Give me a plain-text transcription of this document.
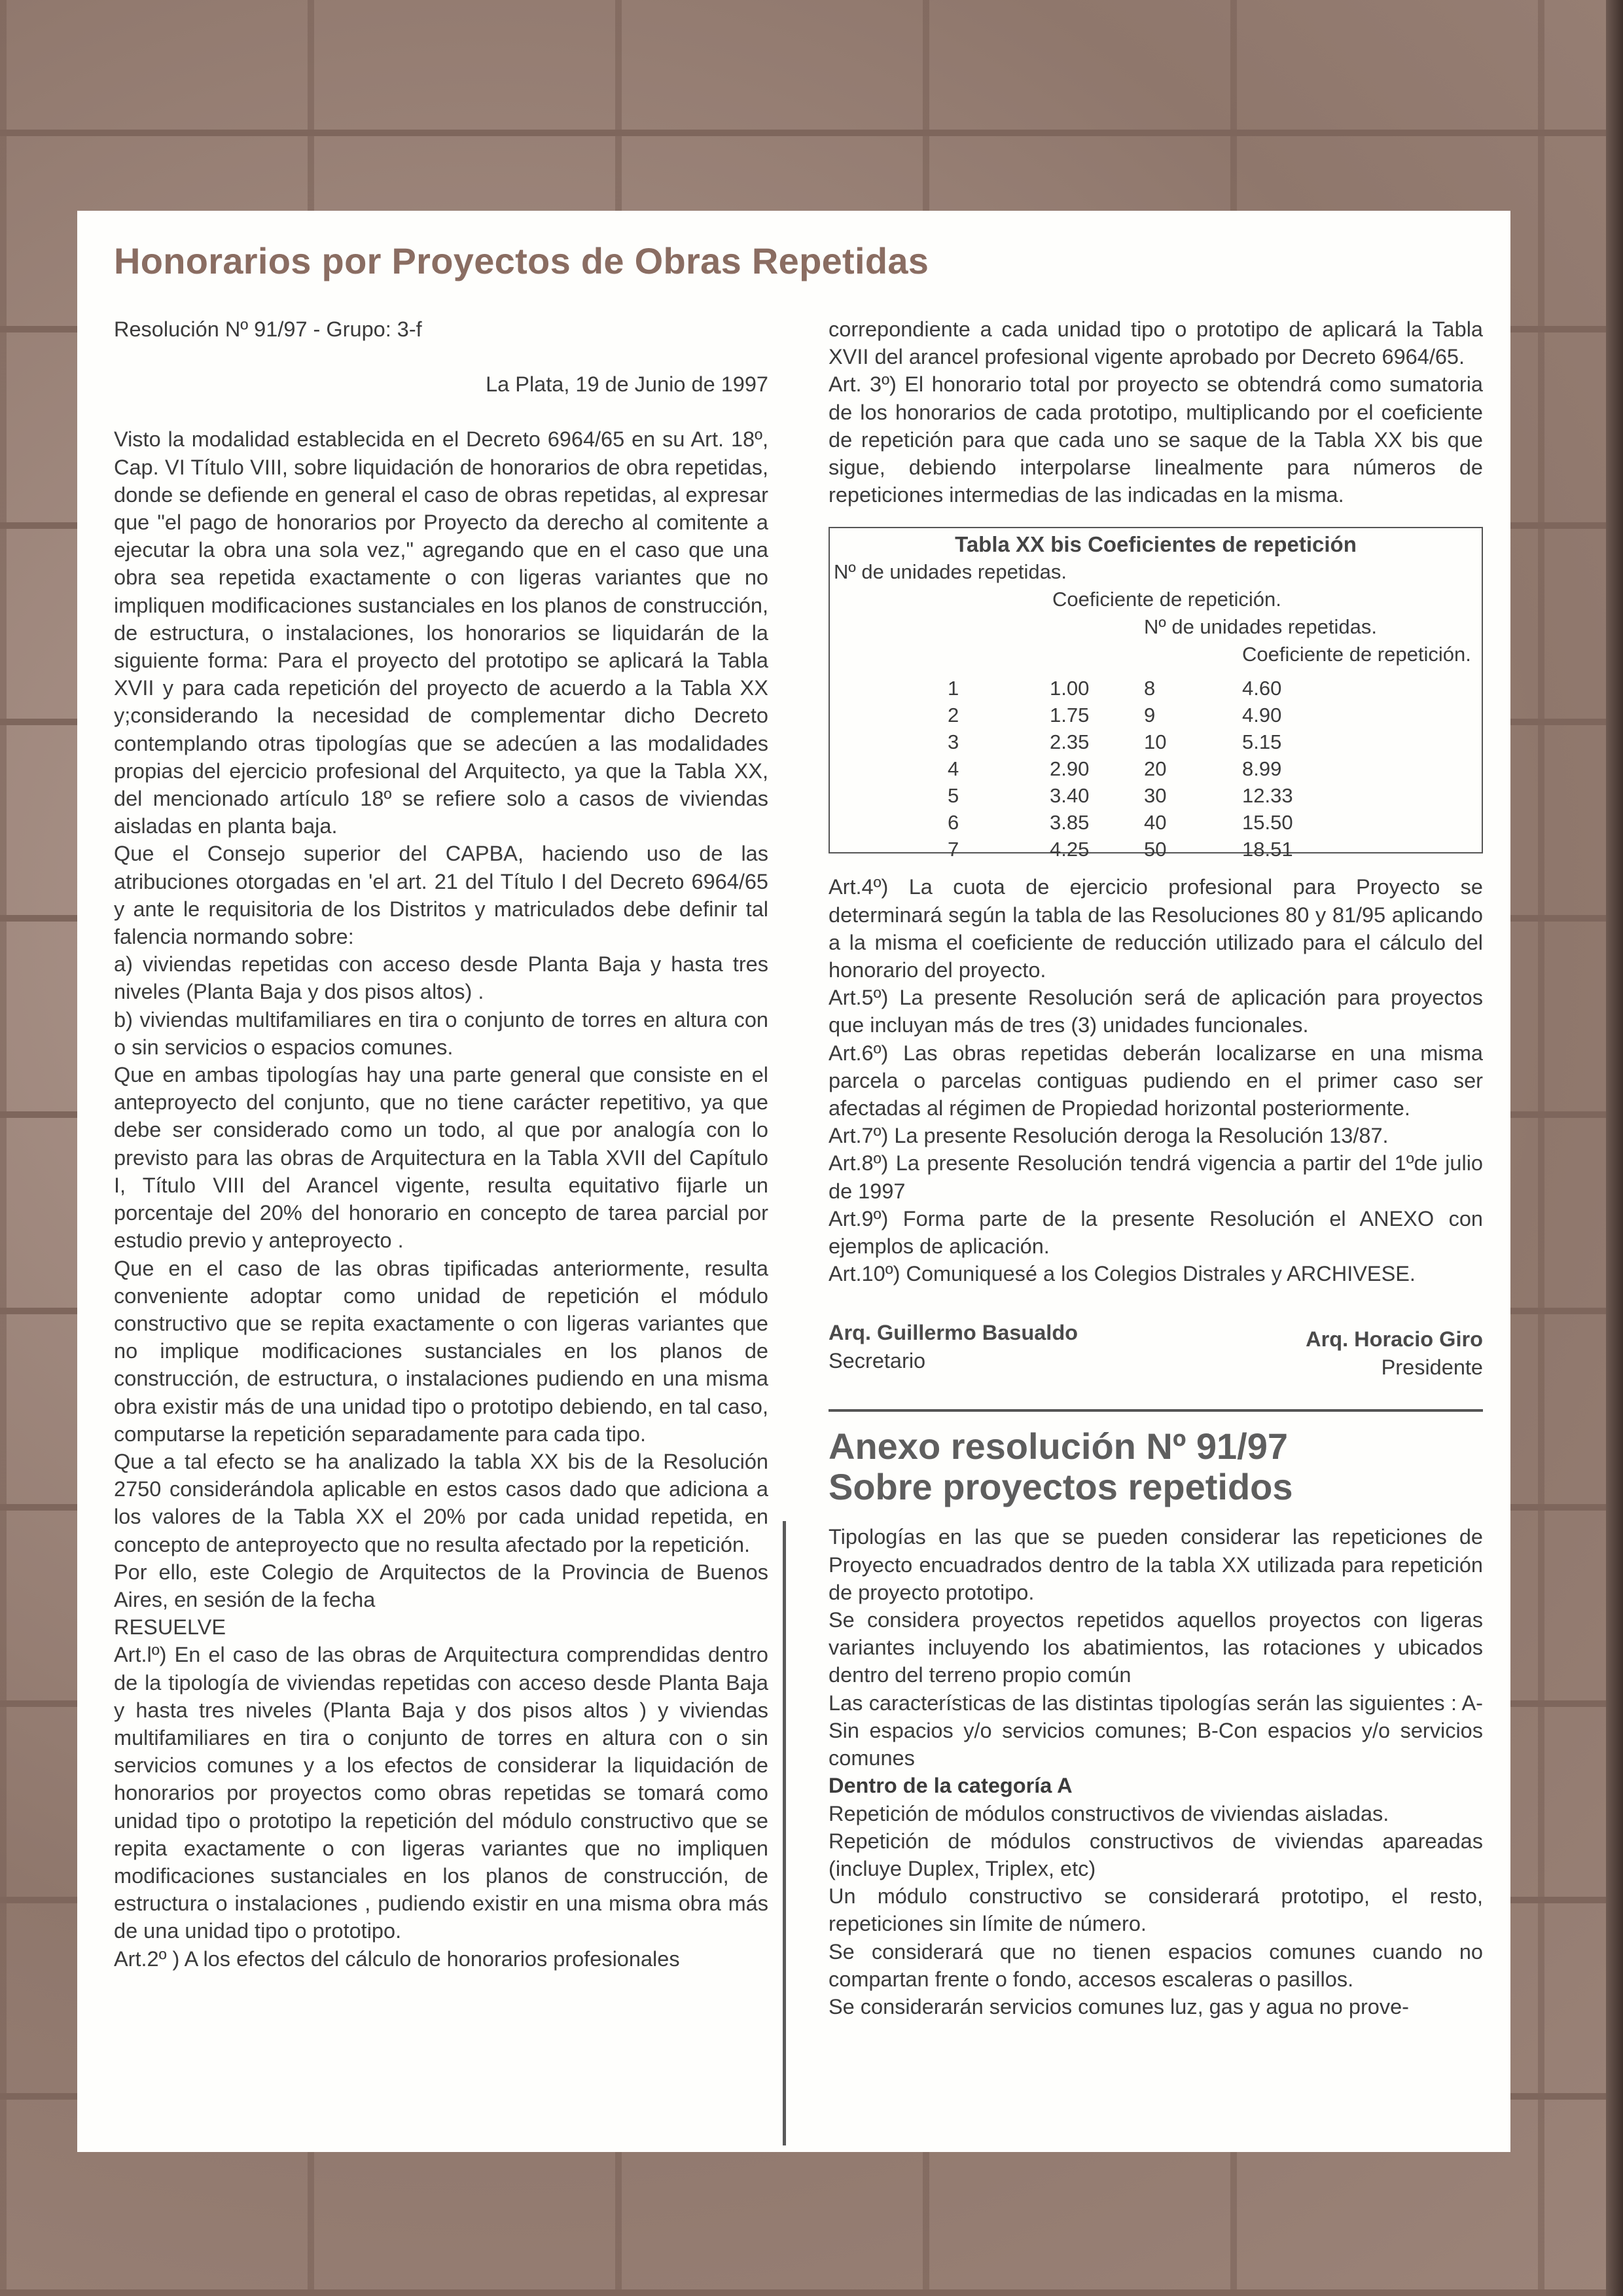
Honorarios por Proyectos de Obras Repetidas

Resolución Nº 91/97 - Grupo: 3-f

La Plata, 19 de Junio de 1997

Visto la modalidad establecida en el Decreto 6964/65 en su Art. 18º, Cap. VI Título VIII, sobre liquidación de honorarios de obra repetidas, donde se defiende en general el caso de obras repetidas, al expresar que "el pago de honorarios por Proyecto da derecho al comitente a ejecutar la obra una sola vez," agregando que en el caso que una obra sea repetida exactamente o con ligeras variantes que no impliquen modificaciones sustanciales en los planos de construcción, de estructura, o instalaciones, los honorarios se liquidarán de la siguiente forma: Para el proyecto del prototipo se aplicará la Tabla XVII y para cada repetición del proyecto de acuerdo a la Tabla XX y;considerando la necesidad de complementar dicho Decreto contemplando otras tipologías que se adecúen a las modalidades propias del ejercicio profesional del Arquitecto, ya que la Tabla XX, del mencionado artículo 18º se refiere solo a casos de viviendas aisladas en planta baja.

Que el Consejo superior del CAPBA, haciendo uso de las atribuciones otorgadas en 'el art. 21 del Título I del Decreto 6964/65 y ante le requisitoria de los Distritos y matriculados debe definir tal falencia normando sobre:

a) viviendas repetidas con acceso desde Planta Baja y hasta tres niveles (Planta Baja y dos pisos altos) .

b) viviendas multifamiliares en tira o conjunto de torres en altura con o sin servicios o espacios comunes.

Que en ambas tipologías hay una parte general que consiste en el anteproyecto del conjunto, que no tiene carácter repetitivo, ya que debe ser considerado como un todo, al que por analogía con lo previsto para las obras de Arquitectura en la Tabla XVII del Capítulo I, Título VIII del Arancel vigente, resulta equitativo fijarle un porcentaje del 20% del honorario en concepto de tarea parcial por estudio previo y anteproyecto .

Que en el caso de las obras tipificadas anteriormente, resulta conveniente adoptar como unidad de repetición el módulo constructivo que se repita exactamente o con ligeras variantes que no implique modificaciones sustanciales en los planos de construcción, de estructura, o instalaciones pudiendo en una misma obra existir más de una unidad tipo o prototipo debiendo, en tal caso, computarse la repetición separadamente para cada tipo.

Que a tal efecto se ha analizado la tabla XX bis de la Resolución 2750 considerándola aplicable en estos casos dado que adiciona a los valores de la Tabla XX el 20% por cada unidad repetida, en concepto de anteproyecto que no resulta afectado por la repetición.

Por ello, este Colegio de Arquitectos de la Provincia de Buenos Aires, en sesión de la fecha

RESUELVE

Art.lº) En el caso de las obras de Arquitectura comprendidas dentro de la tipología de viviendas repetidas con acceso desde Planta Baja y hasta tres niveles (Planta Baja y dos pisos altos ) y viviendas multifamiliares en tira o conjunto de torres en altura con o sin servicios comunes y a los efectos de considerar la liquidación de honorarios por proyectos como obras repetidas se tomará como unidad tipo o prototipo la repetición del módulo constructivo que se repita exactamente o con ligeras variantes que no impliquen modificaciones sustanciales en los planos de construcción, de estructura o instalaciones , pudiendo existir en una misma obra más de una unidad tipo o prototipo.

Art.2º ) A los efectos del cálculo de honorarios profesionales

correpondiente a cada unidad tipo o prototipo de aplicará la Tabla XVII del arancel profesional vigente aprobado por Decreto 6964/65.

Art. 3º) El honorario total por proyecto se obtendrá como sumatoria de los honorarios de cada prototipo, multiplicando por el coeficiente de repetición para que cada uno se saque de la Tabla XX bis que sigue, debiendo interpolarse linealmente para números de repeticiones intermedias de las indicadas en la misma.

Tabla XX bis Coeficientes de repetición
Nº de unidades repetidas.
Coeficiente de repetición.
Nº de unidades repetidas.
Coeficiente de repetición.
1	1.00	8	4.60
2	1.75	9	4.90
3	2.35	10	5.15
4	2.90	20	8.99
5	3.40	30	12.33
6	3.85	40	15.50
7	4.25	50	18.51

Art.4º) La cuota de ejercicio profesional para Proyecto se determinará según la tabla de las Resoluciones 80 y 81/95 aplicando a la misma el coeficiente de reducción utilizado para el cálculo del honorario del proyecto.

Art.5º) La presente Resolución será de aplicación para proyectos que incluyan más de tres (3) unidades funcionales.

Art.6º) Las obras repetidas deberán localizarse en una misma parcela o parcelas contiguas pudiendo en el primer caso ser afectadas al régimen de Propiedad horizontal posteriormente.

Art.7º) La presente Resolución deroga la Resolución 13/87.

Art.8º) La presente Resolución tendrá vigencia a partir del 1ºde julio de 1997

Art.9º) Forma parte de la presente Resolución el ANEXO con ejemplos de aplicación.

Art.10º) Comuniquesé a los Colegios Distrales y ARCHIVESE.

Arq. Guillermo Basualdo
Secretario
Arq. Horacio Giro
Presidente

Anexo resolución Nº 91/97
Sobre proyectos repetidos

Tipologías en las que se pueden considerar las repeticiones de Proyecto encuadrados dentro de la tabla XX utilizada para repetición de proyecto prototipo.

Se considera proyectos repetidos aquellos proyectos con ligeras variantes incluyendo los abatimientos, las rotaciones y ubicados dentro del terreno propio común

Las características de las distintas tipologías serán las siguientes : A- Sin espacios y/o servicios comunes; B-Con espacios y/o servicios comunes

Dentro de la categoría A

Repetición de módulos constructivos de viviendas aisladas.

Repetición de módulos constructivos de viviendas apareadas (incluye Duplex, Triplex, etc)

Un módulo constructivo se considerará prototipo, el resto, repeticiones sin límite de número.

Se considerará que no tienen espacios comunes cuando no compartan frente o fondo, accesos escaleras o pasillos.

Se considerarán servicios comunes luz, gas y agua no prove-
